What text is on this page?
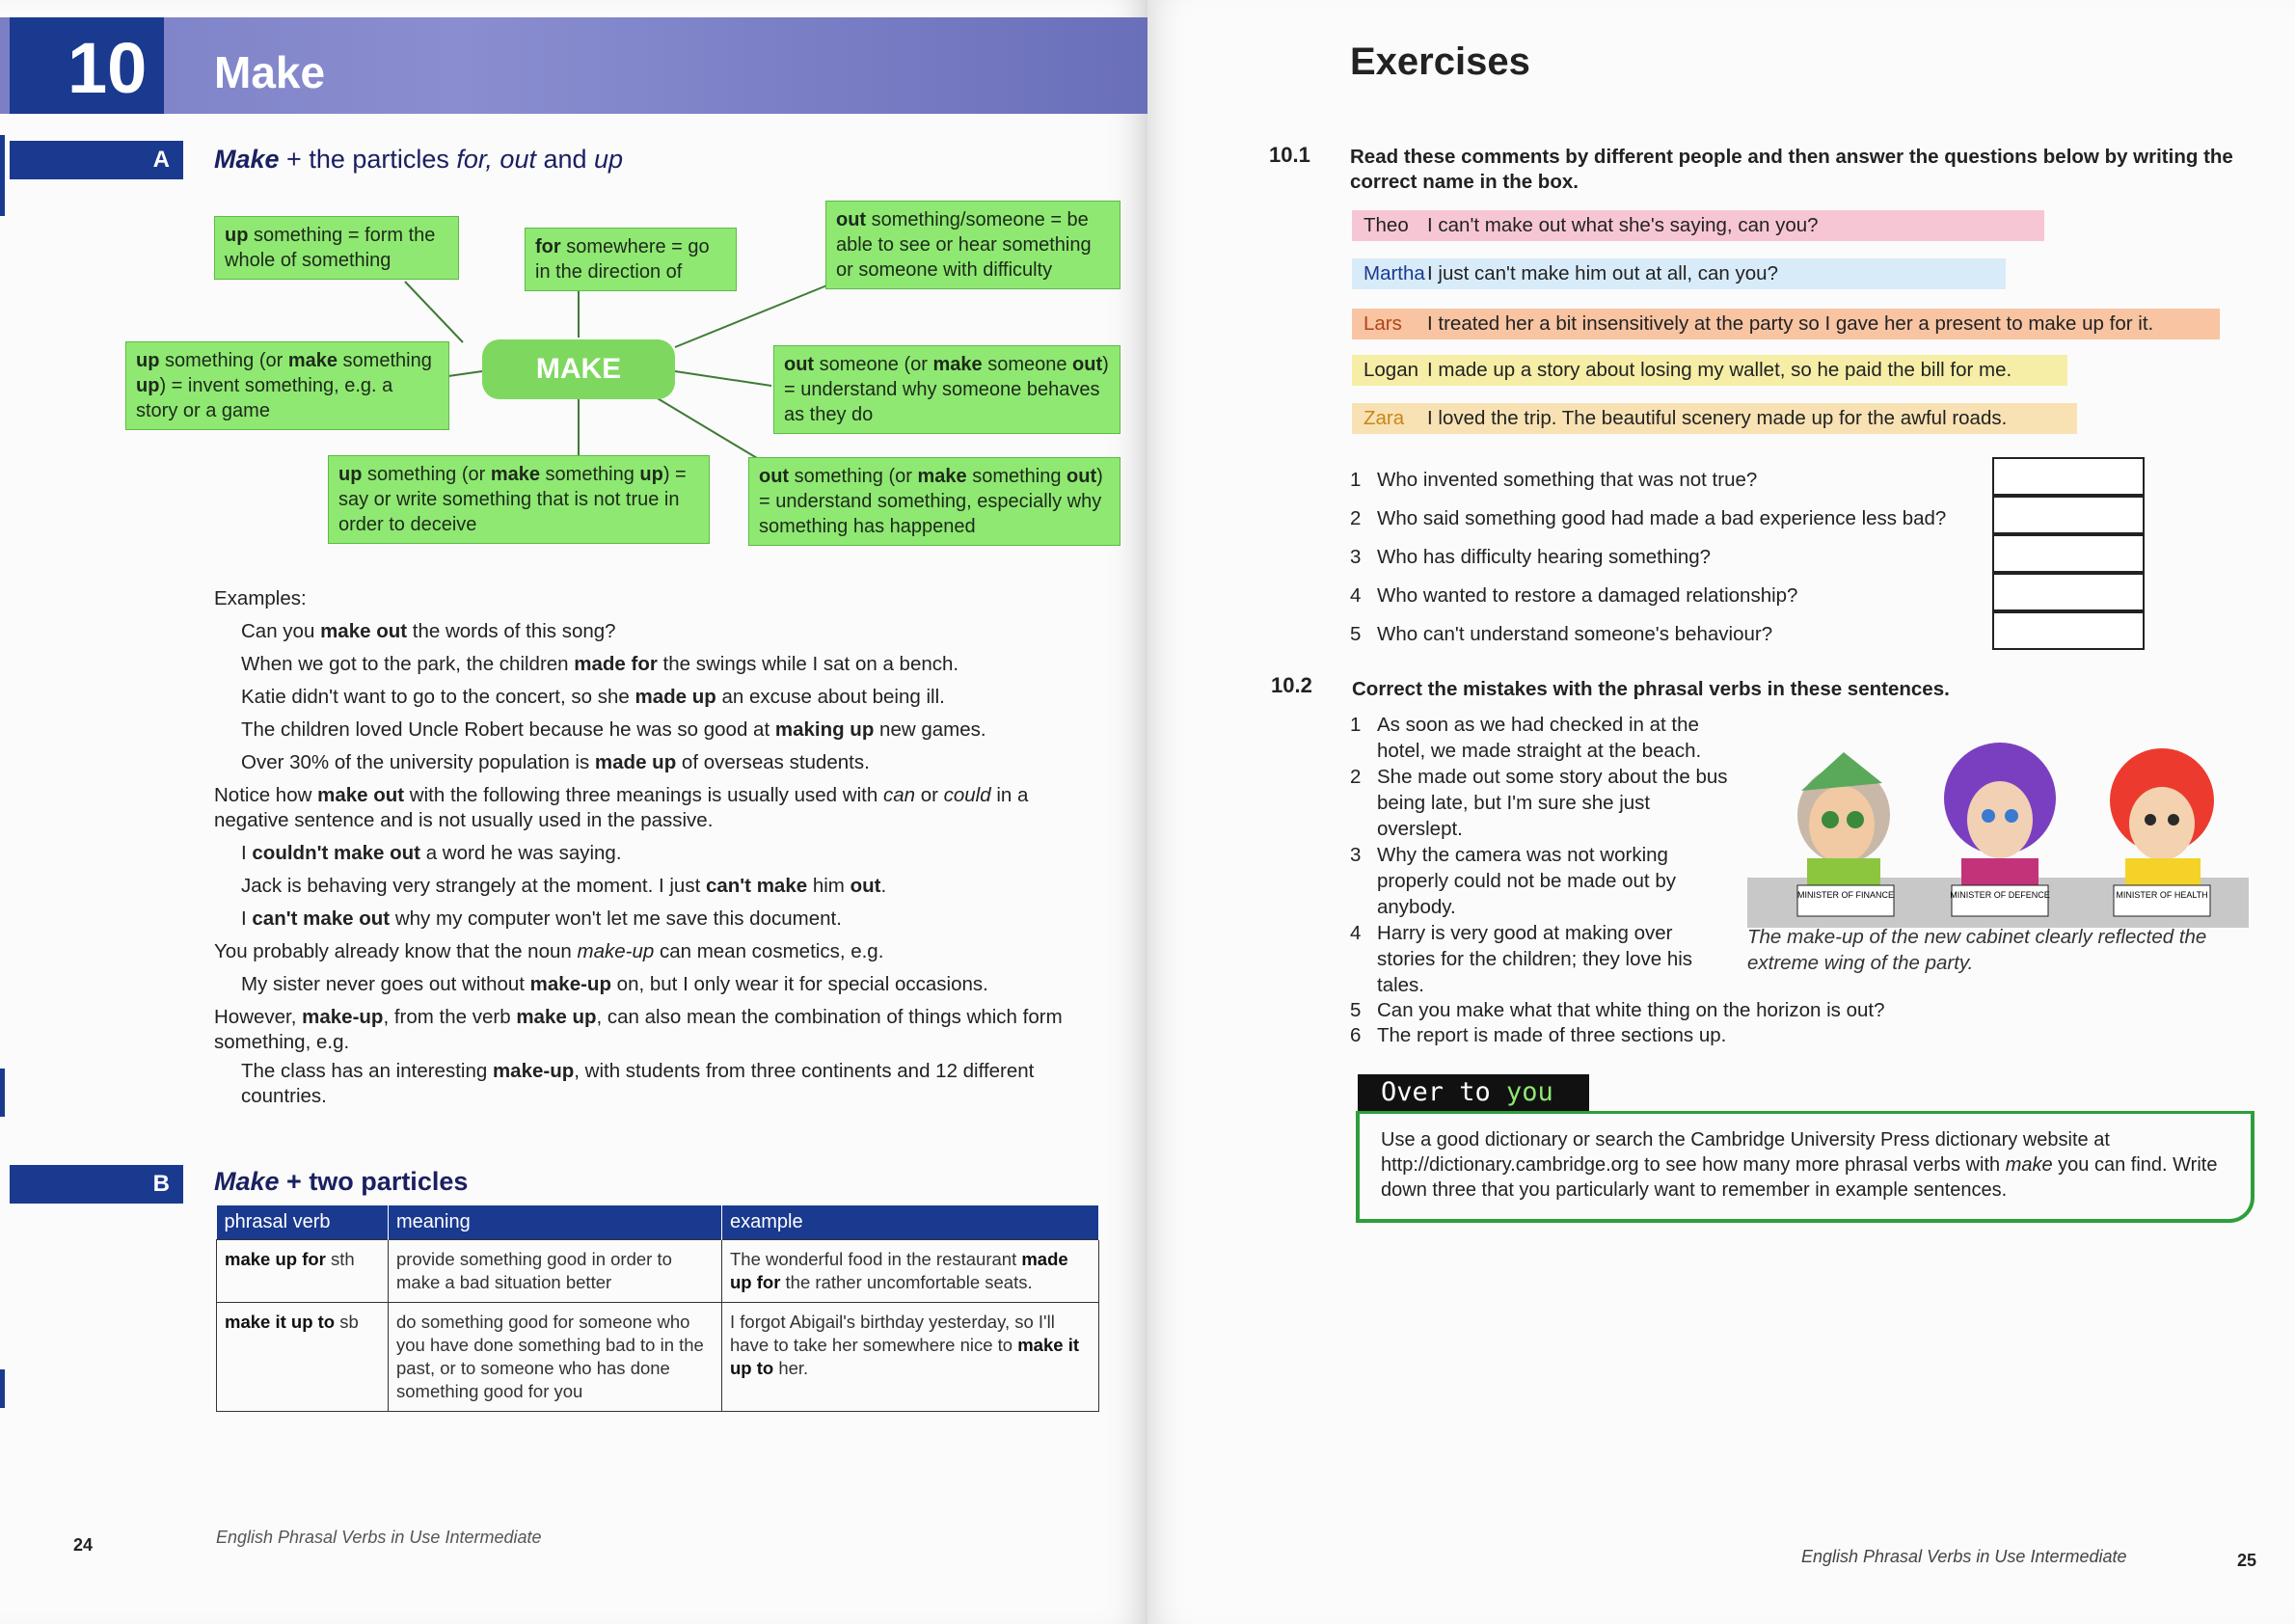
10 Make
A Make + the particles for, out and up
up something = form the whole of something
for somewhere = go in the direction of
out something/someone = be able to see or hear something or someone with difficulty
up something (or make something up) = invent something, e.g. a story or a game
MAKE	out someone (or make someone out) = understand why someone behaves as they do
up something (or make something up) = say or write something that is not true in order to deceive
out something (or make something out) = understand something, especially why something has happened

Examples:

Can you make out the words of this song?

When we got to the park, the children made for the swings while I sat on a bench.

Katie didn't want to go to the concert, so she made up an excuse about being ill.

The children loved Uncle Robert because he was so good at making up new games.

Over 30% of the university population is made up of overseas students.

Notice how make out with the following three meanings is usually used with can or could in a negative sentence and is not usually used in the passive.

I couldn't make out a word he was saying.

Jack is behaving very strangely at the moment. I just can't make him out.

I can't make out why my computer won't let me save this document.

You probably already know that the noun make-up can mean cosmetics, e.g.

My sister never goes out without make-up on, but I only wear it for special occasions.

However, make-up, from the verb make up, can also mean the combination of things which form something, e.g.

The class has an interesting make-up, with students from three continents and 12 different countries.

B Make + two particles
phrasal verb	meaning	example
make up for sth	provide something good in order to make a bad situation better	The wonderful food in the restaurant made up for the rather uncomfortable seats.
make it up to sb	do something good for someone who you have done something bad to in the past, or to someone who has done something good for you	I forgot Abigail's birthday yesterday, so I'll have to take her somewhere nice to make it up to her.
24	English Phrasal Verbs in Use Intermediate
Exercises
10.1 Read these comments by different people and then answer the questions below by writing the correct name in the box.
Theo I can't make out what she's saying, can you?
Martha I just can't make him out at all, can you?
Lars I treated her a bit insensitively at the party so I gave her a present to make up for it.
Logan I made up a story about losing my wallet, so he paid the bill for me.
Zara I loved the trip. The beautiful scenery made up for the awful roads.
1 Who invented something that was not true?
2 Who said something good had made a bad experience less bad?
3 Who has difficulty hearing something?
4 Who wanted to restore a damaged relationship?
5 Who can't understand someone's behaviour?
10.2 Correct the mistakes with the phrasal verbs in these sentences.
1 As soon as we had checked in at the hotel, we made straight at the beach.
2 She made out some story about the bus being late, but I'm sure she just overslept.
3 Why the camera was not working properly could not be made out by anybody.
4 Harry is very good at making over stories for the children; they love his tales.
5 Can you make what that white thing on the horizon is out?
6 The report is made of three sections up.
MINISTER OF FINANCE	MINISTER OF DEFENCE	MINISTER OF HEALTH
The make-up of the new cabinet clearly reflected the extreme wing of the party.
Over to you
Use a good dictionary or search the Cambridge University Press dictionary website at http://dictionary.cambridge.org to see how many more phrasal verbs with make you can find. Write down three that you particularly want to remember in example sentences.
English Phrasal Verbs in Use Intermediate	25
